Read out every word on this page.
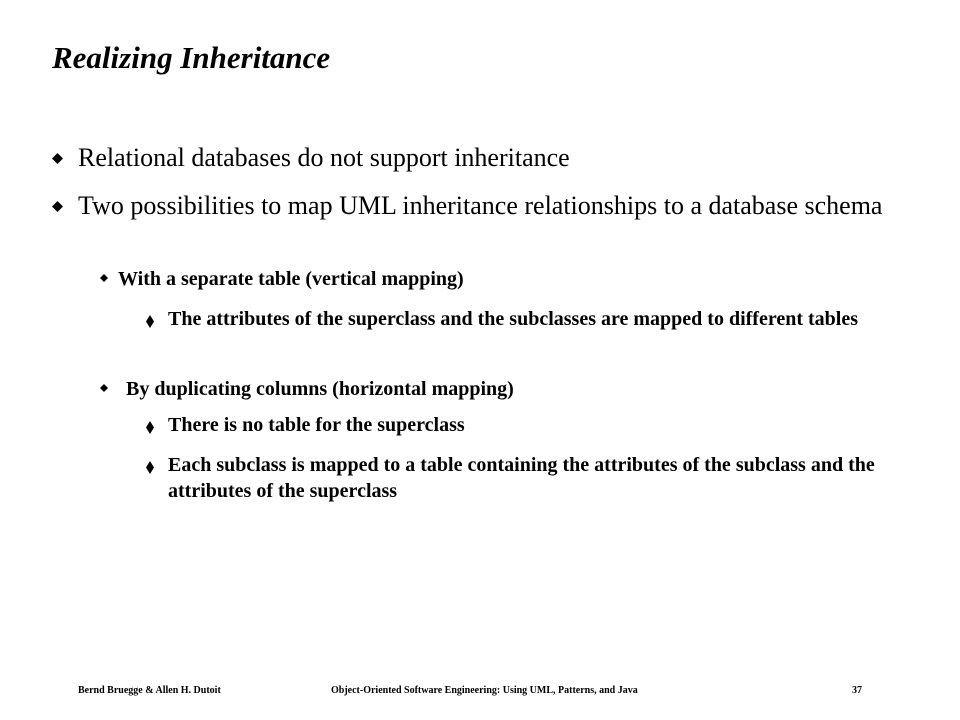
Realizing Inheritance
Relational databases do not support inheritance
Two possibilities to map UML inheritance relationships to a database schema
With a separate table (vertical mapping)
The attributes of the superclass and the subclasses are mapped to different tables
By duplicating columns (horizontal mapping)
There is no table for the superclass
Each subclass is mapped to a table containing the attributes of the subclass and the attributes of the superclass
Bernd Bruegge & Allen H. Dutoit	Object-Oriented Software Engineering: Using UML, Patterns, and Java	37
